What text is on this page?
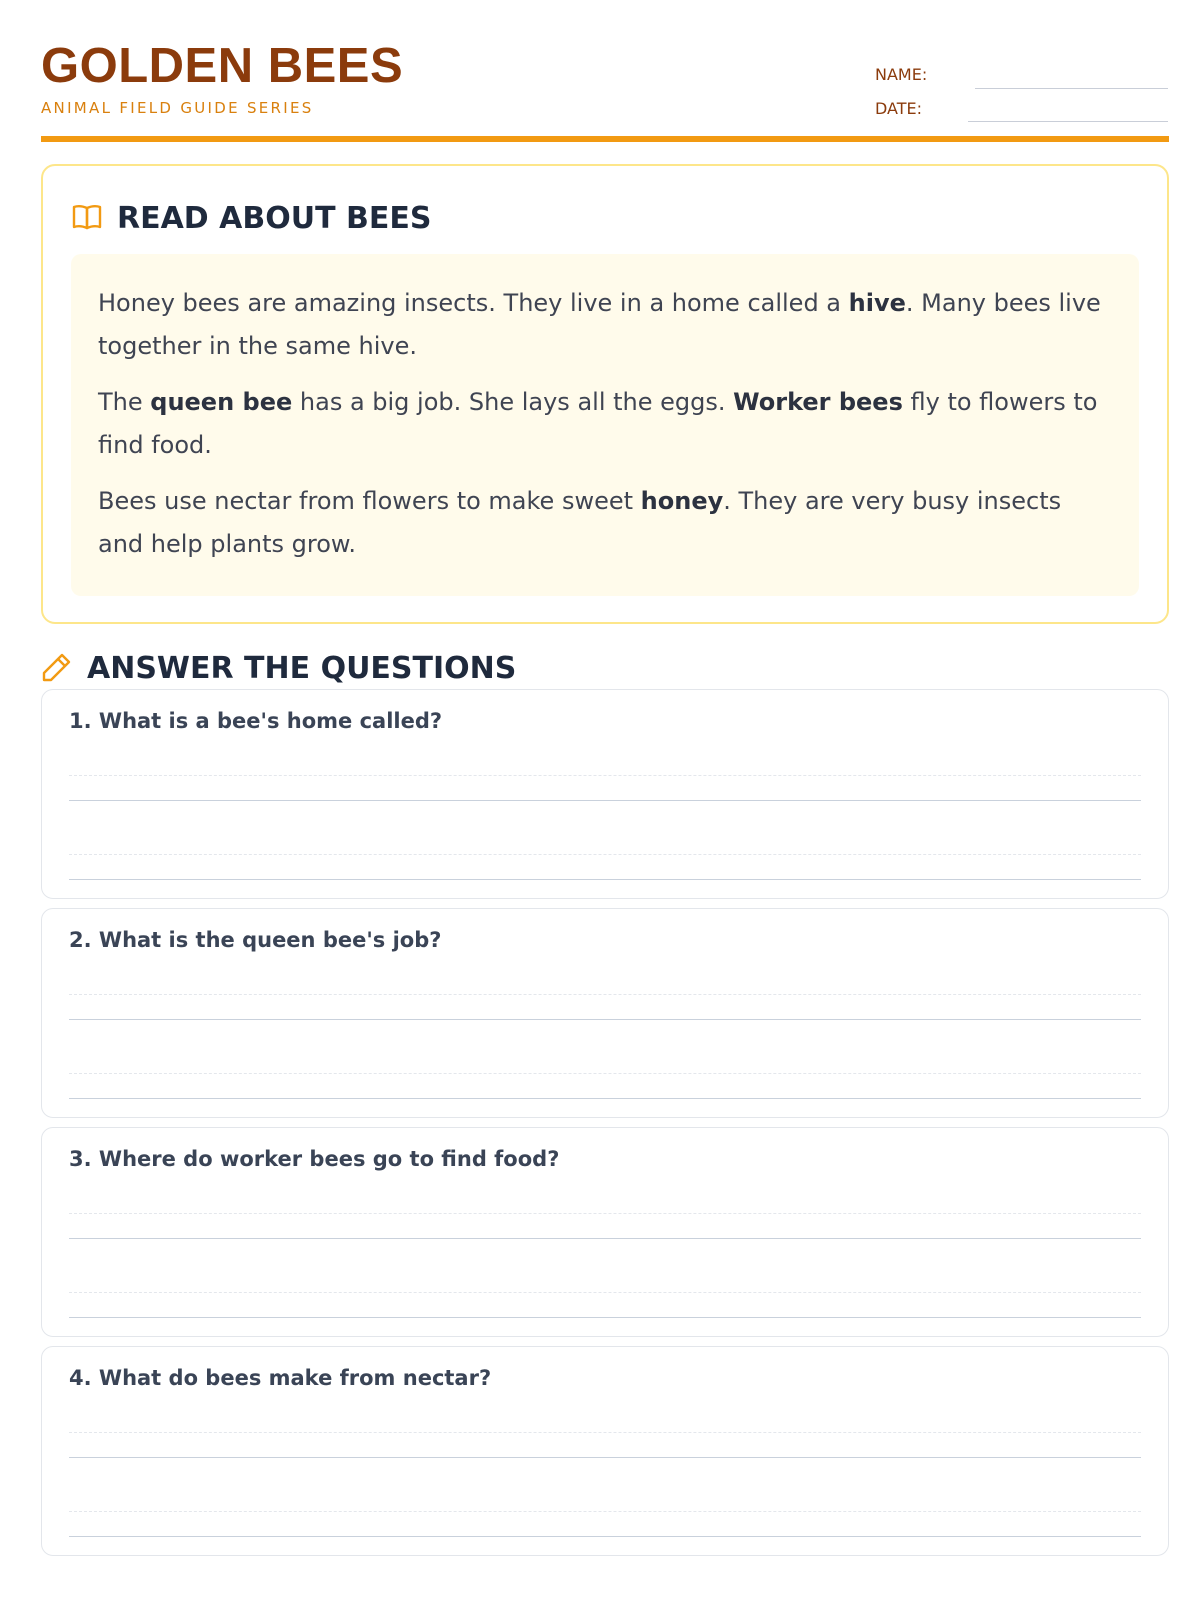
GOLDEN BEES
ANIMAL FIELD GUIDE SERIES
NAME:
DATE:
READ ABOUT BEES

Honey bees are amazing insects. They live in a home called a hive. Many bees live together in the same hive.

The queen bee has a big job. She lays all the eggs. Worker bees fly to flowers to find food.

Bees use nectar from flowers to make sweet honey. They are very busy insects and help plants grow.

ANSWER THE QUESTIONS
1. What is a bee's home called?
2. What is the queen bee's job?
3. Where do worker bees go to find food?
4. What do bees make from nectar?
